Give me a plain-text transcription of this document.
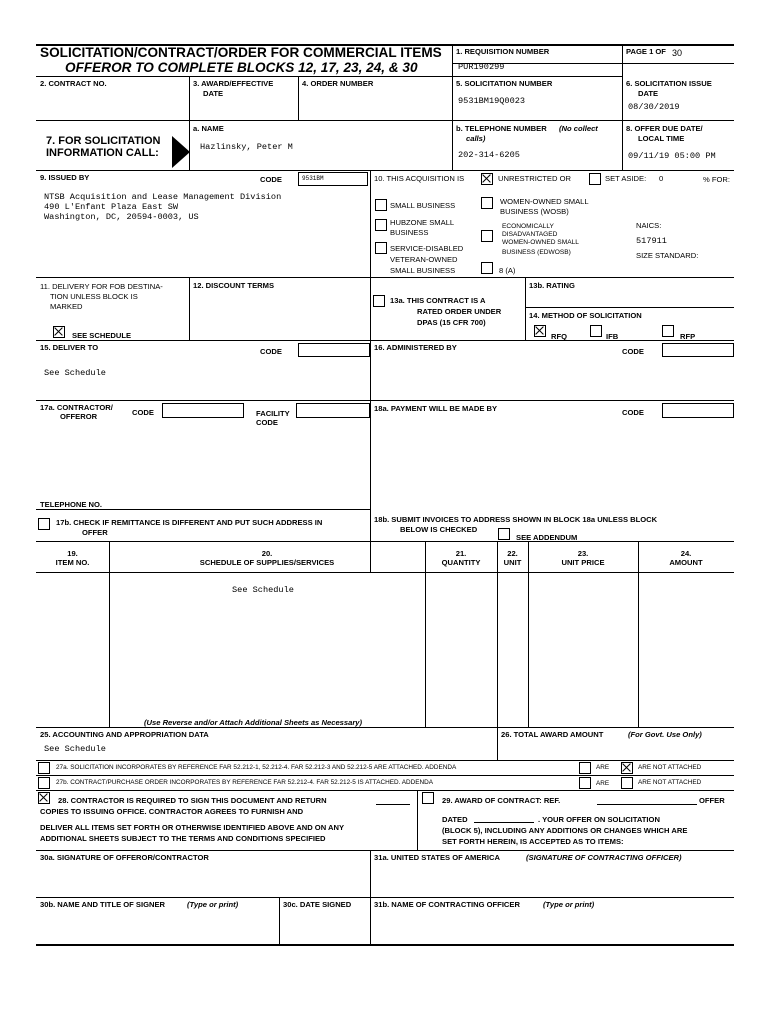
SOLICITATION/CONTRACT/ORDER FOR COMMERCIAL ITEMS
OFFEROR TO COMPLETE BLOCKS 12, 17, 23, 24, & 30
1. REQUISITION NUMBER
PUR190299
PAGE 1 OF 30
2. CONTRACT NO.	3. AWARD/EFFECTIVE
DATE
4. ORDER NUMBER	5. SOLICITATION NUMBER
9531BM19Q0023
6. SOLICITATION ISSUE
DATE
08/30/2019
7. FOR SOLICITATION
INFORMATION CALL:
a. NAME
Hazlinsky, Peter M
b. TELEPHONE NUMBER (No collect
calls)
202-314-6205
8. OFFER DUE DATE/
LOCAL TIME
09/11/19 05:00 PM
9. ISSUED BY	CODE	9531BM
NTSB Acquisition and Lease Management Division
490 L'Enfant Plaza East SW
Washington, DC, 20594-0003, US
10. THIS ACQUISITION IS	UNRESTRICTED OR	SET ASIDE: 0	% FOR:
SMALL BUSINESS	WOMEN-OWNED SMALL
BUSINESS (WOSB)
HUBZONE SMALL
BUSINESS
ECONOMICALLY
DISADVANTAGED
WOMEN-OWNED SMALL
BUSINESS (EDWOSB)
NAICS:
517911
SIZE STANDARD:
SERVICE-DISABLED
VETERAN-OWNED
SMALL BUSINESS	8 (A)
11. DELIVERY FOR FOB DESTINA-
TION UNLESS BLOCK IS
MARKED
SEE SCHEDULE
12. DISCOUNT TERMS
13a. THIS CONTRACT IS A
RATED ORDER UNDER
DPAS (15 CFR 700)
13b. RATING
14. METHOD OF SOLICITATION
RFQ	IFB	RFP
15. DELIVER TO	CODE
See Schedule
16. ADMINISTERED BY	CODE
17a. CONTRACTOR/
OFFEROR	CODE	FACILITY
CODE
TELEPHONE NO.
18a. PAYMENT WILL BE MADE BY	CODE
17b. CHECK IF REMITTANCE IS DIFFERENT AND PUT SUCH ADDRESS IN
OFFER
18b. SUBMIT INVOICES TO ADDRESS SHOWN IN BLOCK 18a UNLESS BLOCK
BELOW IS CHECKED
SEE ADDENDUM
19.
ITEM NO.
20.
SCHEDULE OF SUPPLIES/SERVICES
21.
QUANTITY
22.
UNIT
23.
UNIT PRICE
24.
AMOUNT
See Schedule
(Use Reverse and/or Attach Additional Sheets as Necessary)
25. ACCOUNTING AND APPROPRIATION DATA
See Schedule
26. TOTAL AWARD AMOUNT	(For Govt. Use Only)
27a. SOLICITATION INCORPORATES BY REFERENCE FAR 52.212-1, 52.212-4. FAR 52.212-3 AND 52.212-5 ARE ATTACHED. ADDENDA	ARE	ARE NOT ATTACHED
27b. CONTRACT/PURCHASE ORDER INCORPORATES BY REFERENCE FAR 52.212-4. FAR 52.212-5 IS ATTACHED. ADDENDA	ARE	ARE NOT ATTACHED
28. CONTRACTOR IS REQUIRED TO SIGN THIS DOCUMENT AND RETURN
COPIES TO ISSUING OFFICE. CONTRACTOR AGREES TO FURNISH AND
DELIVER ALL ITEMS SET FORTH OR OTHERWISE IDENTIFIED ABOVE AND ON ANY
ADDITIONAL SHEETS SUBJECT TO THE TERMS AND CONDITIONS SPECIFIED
29. AWARD OF CONTRACT: REF.	OFFER
DATED	. YOUR OFFER ON SOLICITATION
(BLOCK 5), INCLUDING ANY ADDITIONS OR CHANGES WHICH ARE
SET FORTH HEREIN, IS ACCEPTED AS TO ITEMS:
30a. SIGNATURE OF OFFEROR/CONTRACTOR	31a. UNITED STATES OF AMERICA	(SIGNATURE OF CONTRACTING OFFICER)
30b. NAME AND TITLE OF SIGNER	(Type or print)	30c. DATE SIGNED	31b. NAME OF CONTRACTING OFFICER	(Type or print)
